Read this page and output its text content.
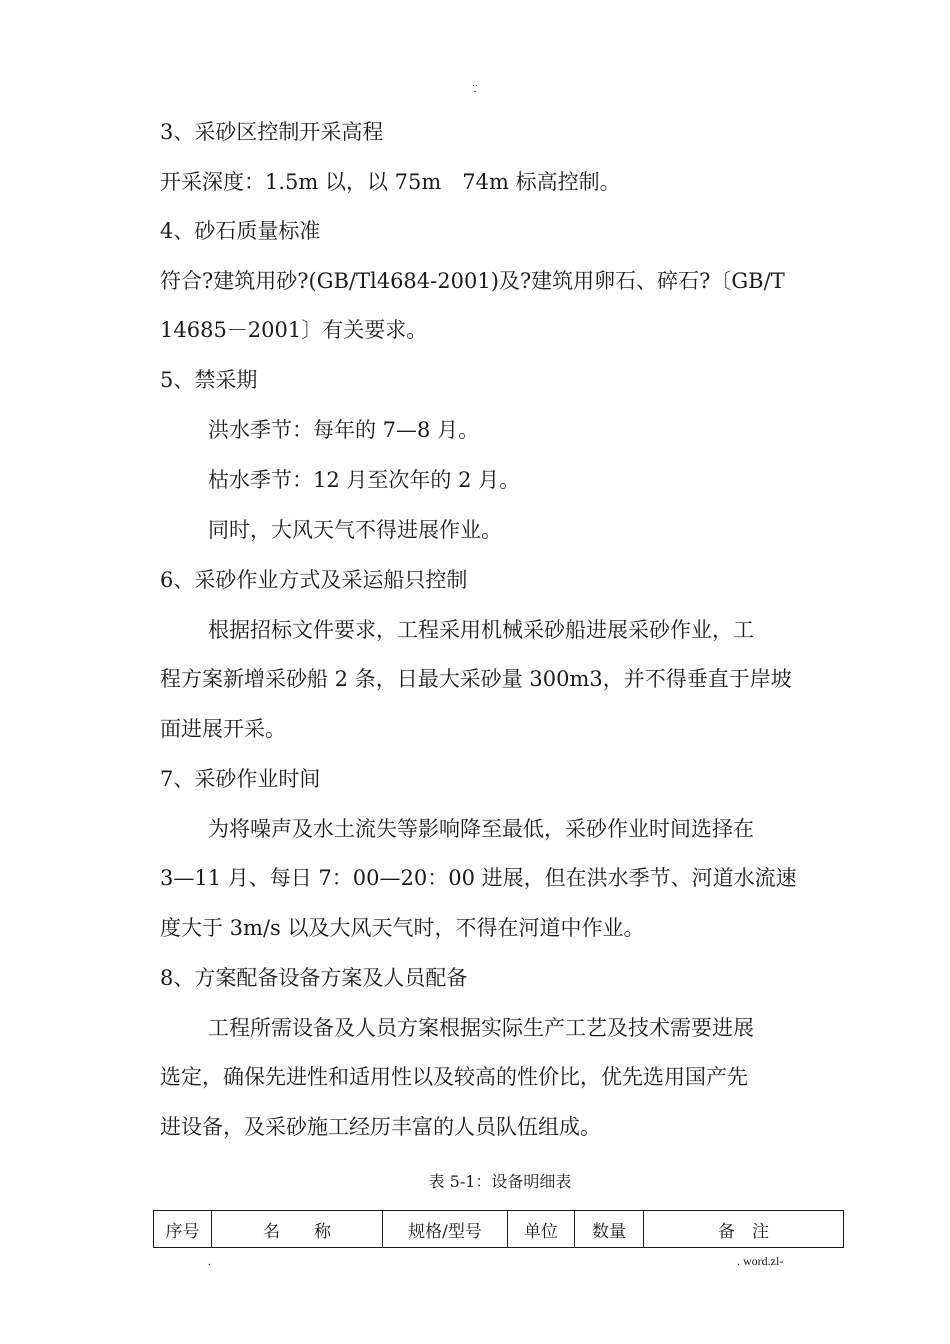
..
-
3、采砂区控制开采高程
开采深度：1.5m 以，以 75m　74m 标高控制。
4、砂石质量标准
符合?建筑用砂?(GB/Tl4684-2001)及?建筑用卵石、碎石?〔GB/T
14685－2001〕有关要求。
5、禁采期
洪水季节：每年的 7—8 月。
枯水季节：12 月至次年的 2 月。
同时，大风天气不得进展作业。
6、采砂作业方式及采运船只控制
根据招标文件要求，工程采用机械采砂船进展采砂作业，工
程方案新增采砂船 2 条，日最大采砂量 300m3，并不得垂直于岸坡
面进展开采。
7、采砂作业时间
为将噪声及水土流失等影响降至最低，采砂作业时间选择在
3—11 月、每日 7：00—20：00 进展，但在洪水季节、河道水流速
度大于 3m/s 以及大风天气时，不得在河道中作业。
8、方案配备设备方案及人员配备
工程所需设备及人员方案根据实际生产工艺及技术需要进展
选定，确保先进性和适用性以及较高的性价比，优先选用国产先
进设备，及采砂施工经历丰富的人员队伍组成。
表 5-1：设备明细表
序号	名　　称	规格/型号	单位	数量	备　注
.	. word.zl-
